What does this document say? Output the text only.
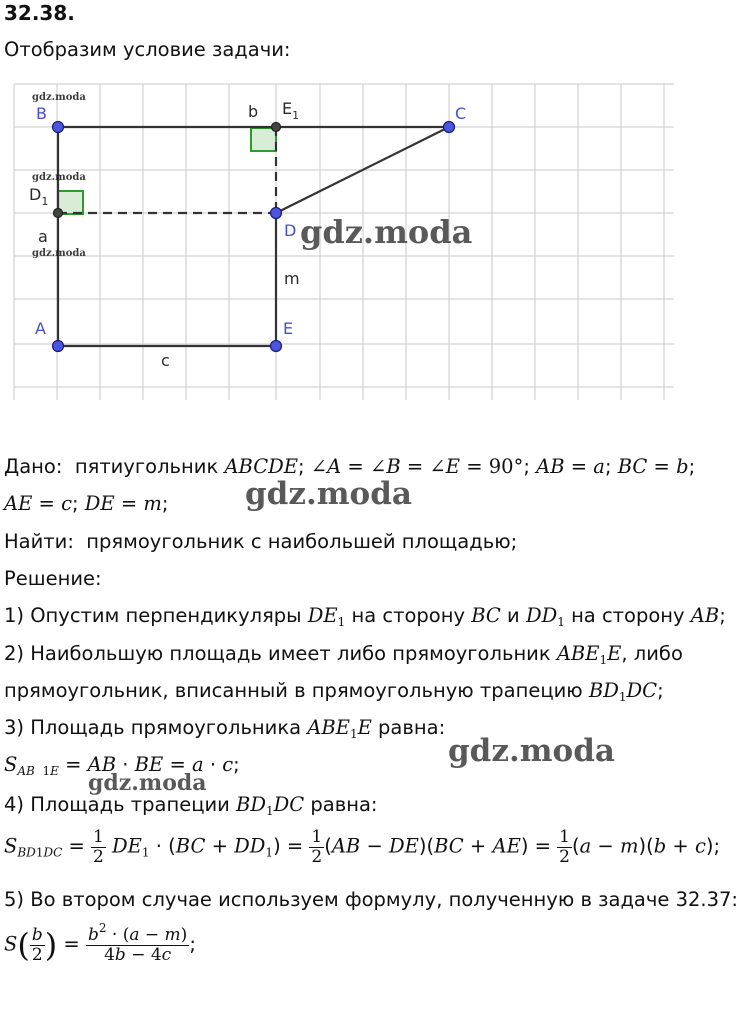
32.38.
Отобразим условие задачи:
B	$E_1$
b	C
$D_1$
a	D
m
A	E
c
gdz.moda
gdz.moda
gdz.moda
gdz.moda
gdz.moda
gdz.moda
gdz.moda
Дано: пятиугольник ABCDE; ∠A = ∠B = ∠E = 90°; AB = a; BC = b;
AE = c; DE = m;
Найти: прямоугольник с наибольшей площадью;
Решение:
1) Опустим перпендикуляры $DE_1$ на сторону BC и $DD_1$ на сторону AB;
2) Наибольшую площадь имеет либо прямоугольник $ABE_1E$, либо
прямоугольник, вписанный в прямоугольную трапецию $BD_1DC$;
3) Площадь прямоугольника $ABE_1E$ равна:
$S_{AB 1E}$ = AB · BE = a · c;
4) Площадь трапеции $BD_1DC$ равна:
$S_{BD1DC} = \frac{1}{2} DE_1 \cdot (BC + DD_1) = \frac{1}{2} (AB - DE)(BC + AE) = \frac{1}{2} (a - m)(b + c)$;
5) Во втором случае используем формулу, полученную в задаче 32.37:
$S( \frac{b}{2}$ ) = $\frac{b^2 \cdot (a - m)}{4b - 4c}$ ;
